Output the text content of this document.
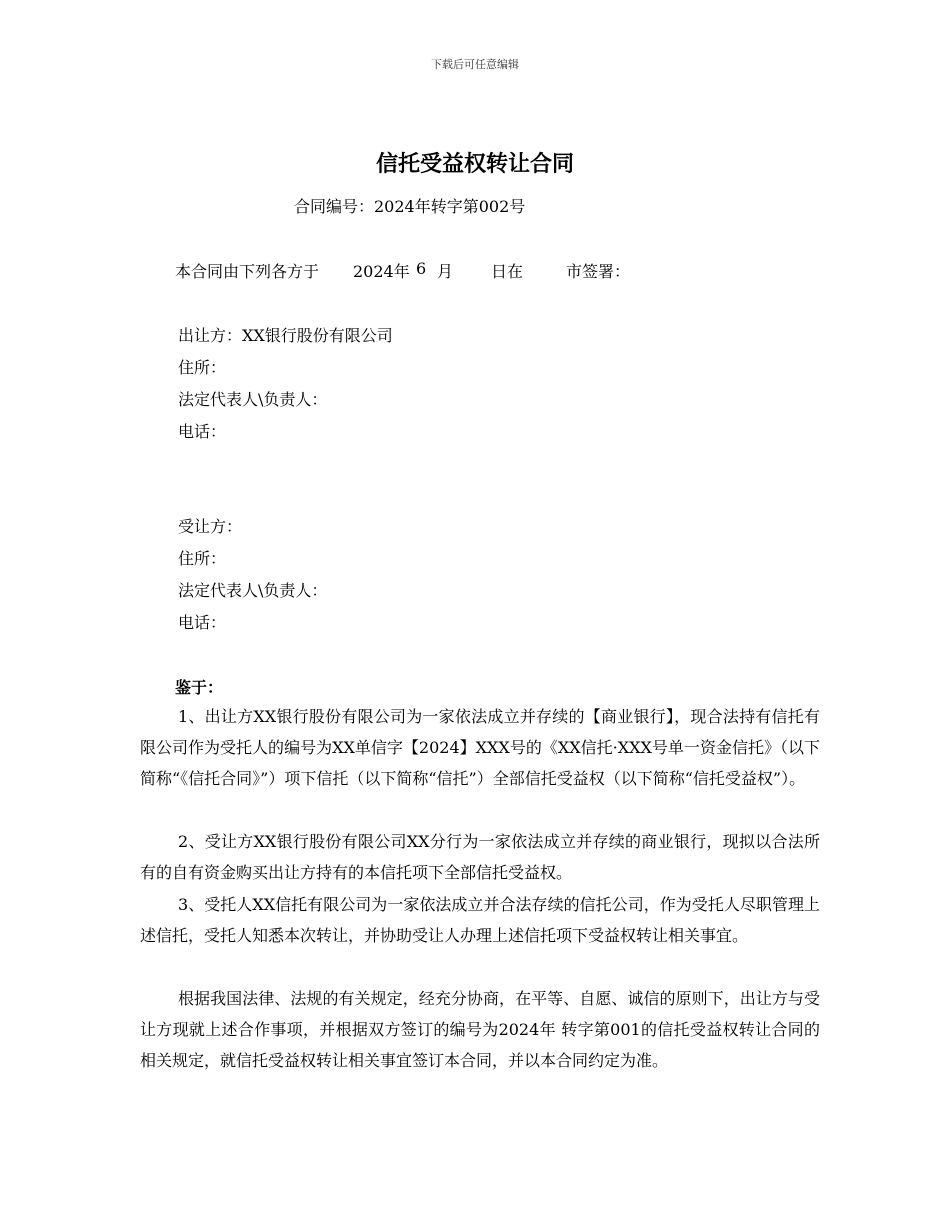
下载后可任意编辑
信托受益权转让合同
合同编号：2024年转字第002号
本合同由下列各方于 2024年 6 月 日在	市签署：
出让方：XX银行股份有限公司
住所：
法定代表人\负责人：
电话：
受让方：
住所：
法定代表人\负责人：
电话：
鉴于：
1、出让方XX银行股份有限公司为一家依法成立并存续的【商业银行】，现合法持有信托有限公司作为受托人的编号为XX单信字【2024】XXX号的《XX信托·XXX号单一资金信托》（以下简称“《信托合同》”）项下信托（以下简称“信托”）全部信托受益权（以下简称“信托受益权”）。
2、受让方XX银行股份有限公司XX分行为一家依法成立并存续的商业银行，现拟以合法所有的自有资金购买出让方持有的本信托项下全部信托受益权。
3、受托人XX信托有限公司为一家依法成立并合法存续的信托公司，作为受托人尽职管理上述信托，受托人知悉本次转让，并协助受让人办理上述信托项下受益权转让相关事宜。
根据我国法律、法规的有关规定，经充分协商，在平等、自愿、诚信的原则下，出让方与受让方现就上述合作事项，并根据双方签订的编号为2024年 转字第001的信托受益权转让合同的相关规定，就信托受益权转让相关事宜签订本合同，并以本合同约定为准。
